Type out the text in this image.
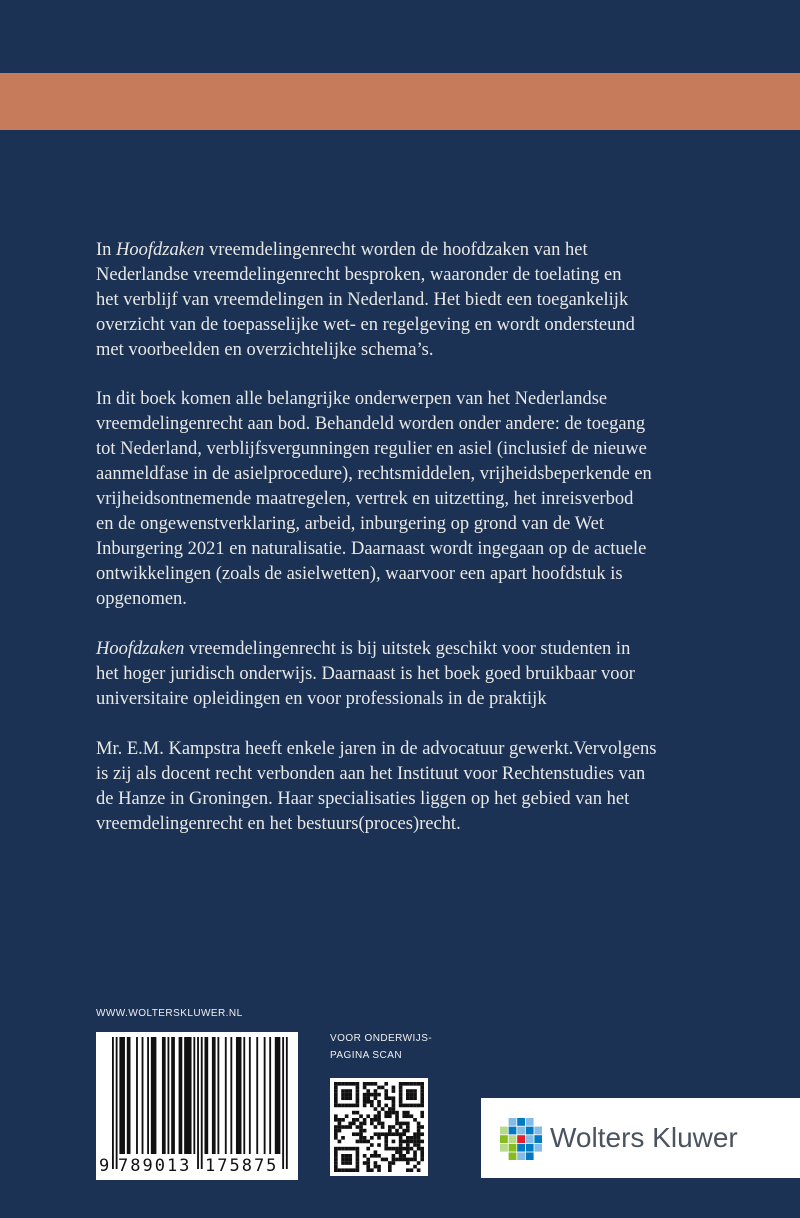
In Hoofdzaken vreemdelingenrecht worden de hoofdzaken van het
Nederlandse vreemdelingenrecht besproken, waaronder de toelating en
het verblijf van vreemdelingen in Nederland. Het biedt een toegankelijk
overzicht van de toepasselijke wet- en regelgeving en wordt ondersteund
met voorbeelden en overzichtelijke schema’s.
In dit boek komen alle belangrijke onderwerpen van het Nederlandse
vreemdelingenrecht aan bod. Behandeld worden onder andere: de toegang
tot Nederland, verblijfsvergunningen regulier en asiel (inclusief de nieuwe
aanmeldfase in de asielprocedure), rechtsmiddelen, vrijheidsbeperkende en
vrijheidsontnemende maatregelen, vertrek en uitzetting, het inreisverbod
en de ongewenstverklaring, arbeid, inburgering op grond van de Wet
Inburgering 2021 en naturalisatie. Daarnaast wordt ingegaan op de actuele
ontwikkelingen (zoals de asielwetten), waarvoor een apart hoofdstuk is
opgenomen.
Hoofdzaken vreemdelingenrecht is bij uitstek geschikt voor studenten in
het hoger juridisch onderwijs. Daarnaast is het boek goed bruikbaar voor
universitaire opleidingen en voor professionals in de praktijk
Mr. E.M. Kampstra heeft enkele jaren in de advocatuur gewerkt.Vervolgens
is zij als docent recht verbonden aan het Instituut voor Rechtenstudies van
de Hanze in Groningen. Haar specialisaties liggen op het gebied van het
vreemdelingenrecht en het bestuurs(proces)recht.
WWW.WOLTERSKLUWER.NL
9 789013 175875
VOOR ONDERWIJS-
PAGINA SCAN
Wolters Kluwer
